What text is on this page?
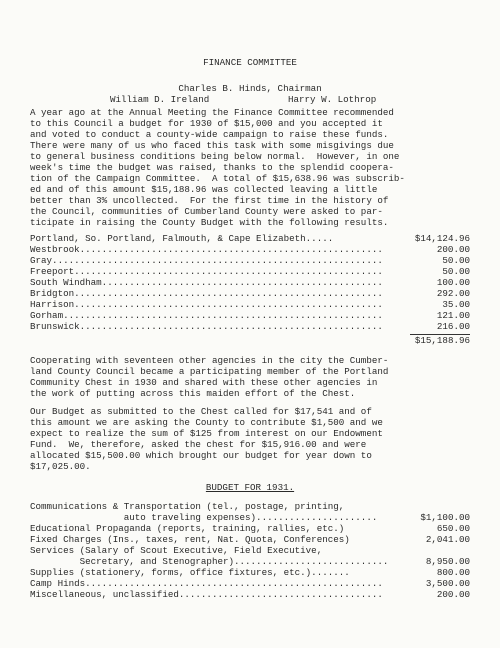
FINANCE COMMITTEE
Charles B. Hinds, Chairman
William D. Ireland	Harry W. Lothrop
A year ago at the Annual Meeting the Finance Committee recommended
to this Council a budget for 1930 of $15,000 and you accepted it
and voted to conduct a county-wide campaign to raise these funds.
There were many of us who faced this task with some misgivings due
to general business conditions being below normal.  However, in one
week's time the budget was raised, thanks to the splendid coopera-
tion of the Campaign Committee.  A total of $15,638.96 was subscrib-
ed and of this amount $15,188.96 was collected leaving a little
better than 3% uncollected.  For the first time in the history of
the Council, communities of Cumberland County were asked to par-
ticipate in raising the County Budget with the following results.
Portland, So. Portland, Falmouth, & Cape Elizabeth.....	$14,124.96
Westbrook.......................................................	200.00
Gray............................................................	50.00
Freeport........................................................	50.00
South Windham...................................................	100.00
Bridgton........................................................	292.00
Harrison........................................................	35.00
Gorham..........................................................	121.00
Brunswick.......................................................	216.00
$15,188.96
Cooperating with seventeen other agencies in the city the Cumber-
land County Council became a participating member of the Portland
Community Chest in 1930 and shared with these other agencies in
the work of putting across this maiden effort of the Chest.
Our Budget as submitted to the Chest called for $17,541 and of
this amount we are asking the County to contribute $1,500 and we
expect to realize the sum of $125 from interest on our Endowment
Fund.  We, therefore, asked the chest for $15,916.00 and were
allocated $15,500.00 which brought our budget for year down to
$17,025.00.
BUDGET FOR 1931.
Communications & Transportation (tel., postage, printing,
auto traveling expenses)......................	$1,100.00
Educational Propaganda (reports, training, rallies, etc.)	650.00
Fixed Charges (Ins., taxes, rent, Nat. Quota, Conferences)	2,041.00
Services (Salary of Scout Executive, Field Executive,
Secretary, and Stenographer)............................	8,950.00
Supplies (stationery, forms, office fixtures, etc.).......	800.00
Camp Hinds......................................................	3,500.00
Miscellaneous, unclassified.....................................	200.00
